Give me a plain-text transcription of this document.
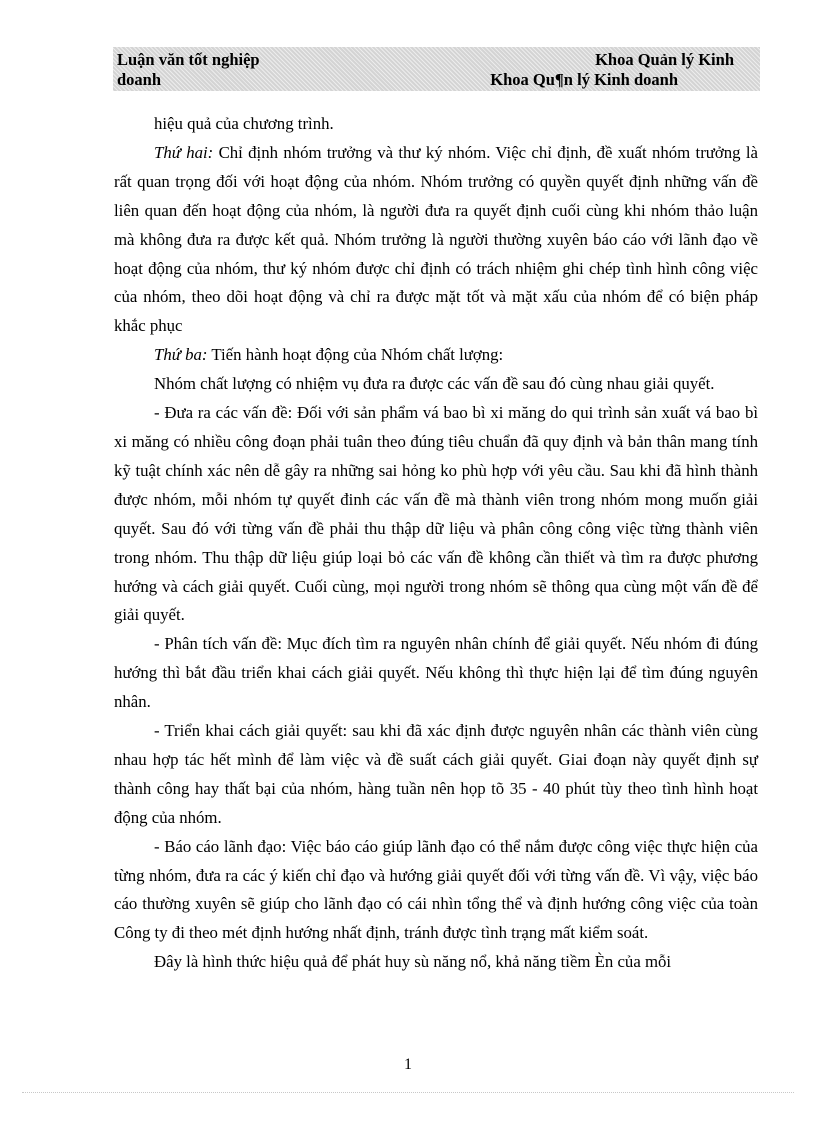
Luận văn tốt nghiệp	Khoa Quản lý Kinh
doanh	Khoa Qu¶n lý Kinh doanh

hiệu quả của chương trình.

Thứ hai: Chỉ định nhóm trưởng và thư ký nhóm. Việc chỉ định, đề xuất nhóm trưởng là rất quan trọng đối với hoạt động của nhóm. Nhóm trưởng có quyền quyết định những vấn đề liên quan đến hoạt động của nhóm, là người đưa ra quyết định cuối cùng khi nhóm thảo luận mà không đưa ra được kết quả. Nhóm trưởng là người thường xuyên báo cáo với lãnh đạo về hoạt động của nhóm, thư ký nhóm được chỉ định có trách nhiệm ghi chép tình hình công việc của nhóm, theo dõi hoạt động và chỉ ra được mặt tốt và mặt xấu của nhóm để có biện pháp khắc phục

Thứ ba: Tiến hành hoạt động của Nhóm chất lượng:

Nhóm chất lượng có nhiệm vụ đưa ra được các vấn đề sau đó cùng nhau giải quyết.

- Đưa ra các vấn đề: Đối với sản phẩm vá bao bì xi măng do qui trình sản xuất vá bao bì xi măng có nhiều công đoạn phải tuân theo đúng tiêu chuẩn đã quy định và bản thân mang tính kỹ tuật chính xác nên dễ gây ra những sai hỏng ko phù hợp với yêu cầu. Sau khi đã hình thành được nhóm, mỗi nhóm tự quyết đinh các vấn đề mà thành viên trong nhóm mong muốn giải quyết. Sau đó với từng vấn đề phải thu thập dữ liệu và phân công công việc từng thành viên trong nhóm. Thu thập dữ liệu giúp loại bỏ các vấn đề không cần thiết và tìm ra được phương hướng và cách giải quyết. Cuối cùng, mọi người trong nhóm sẽ thông qua cùng một vấn đề để giải quyết.

- Phân tích vấn đề: Mục đích tìm ra nguyên nhân chính để giải quyết. Nếu nhóm đi đúng hướng thì bắt đầu triển khai cách giải quyết. Nếu không thì thực hiện lại để tìm đúng nguyên nhân.

- Triển khai cách giải quyết: sau khi đã xác định được nguyên nhân các thành viên cùng nhau hợp tác hết mình để làm việc và đề suất cách giải quyết. Giai đoạn này quyết định sự thành công hay thất bại của nhóm, hàng tuần nên họp tõ 35 - 40 phút tùy theo tình hình hoạt động của nhóm.

- Báo cáo lãnh đạo: Việc báo cáo giúp lãnh đạo có thể nắm được công việc thực hiện của từng nhóm, đưa ra các ý kiến chỉ đạo và hướng giải quyết đối với từng vấn đề. Vì vậy, việc báo cáo thường xuyên sẽ giúp cho lãnh đạo có cái nhìn tổng thể và định hướng công việc của toàn Công ty đi theo mét định hướng nhất định, tránh được tình trạng mất kiểm soát.

Đây là hình thức hiệu quả để phát huy sù năng nổ, khả năng tiềm Èn của mỗi

1
